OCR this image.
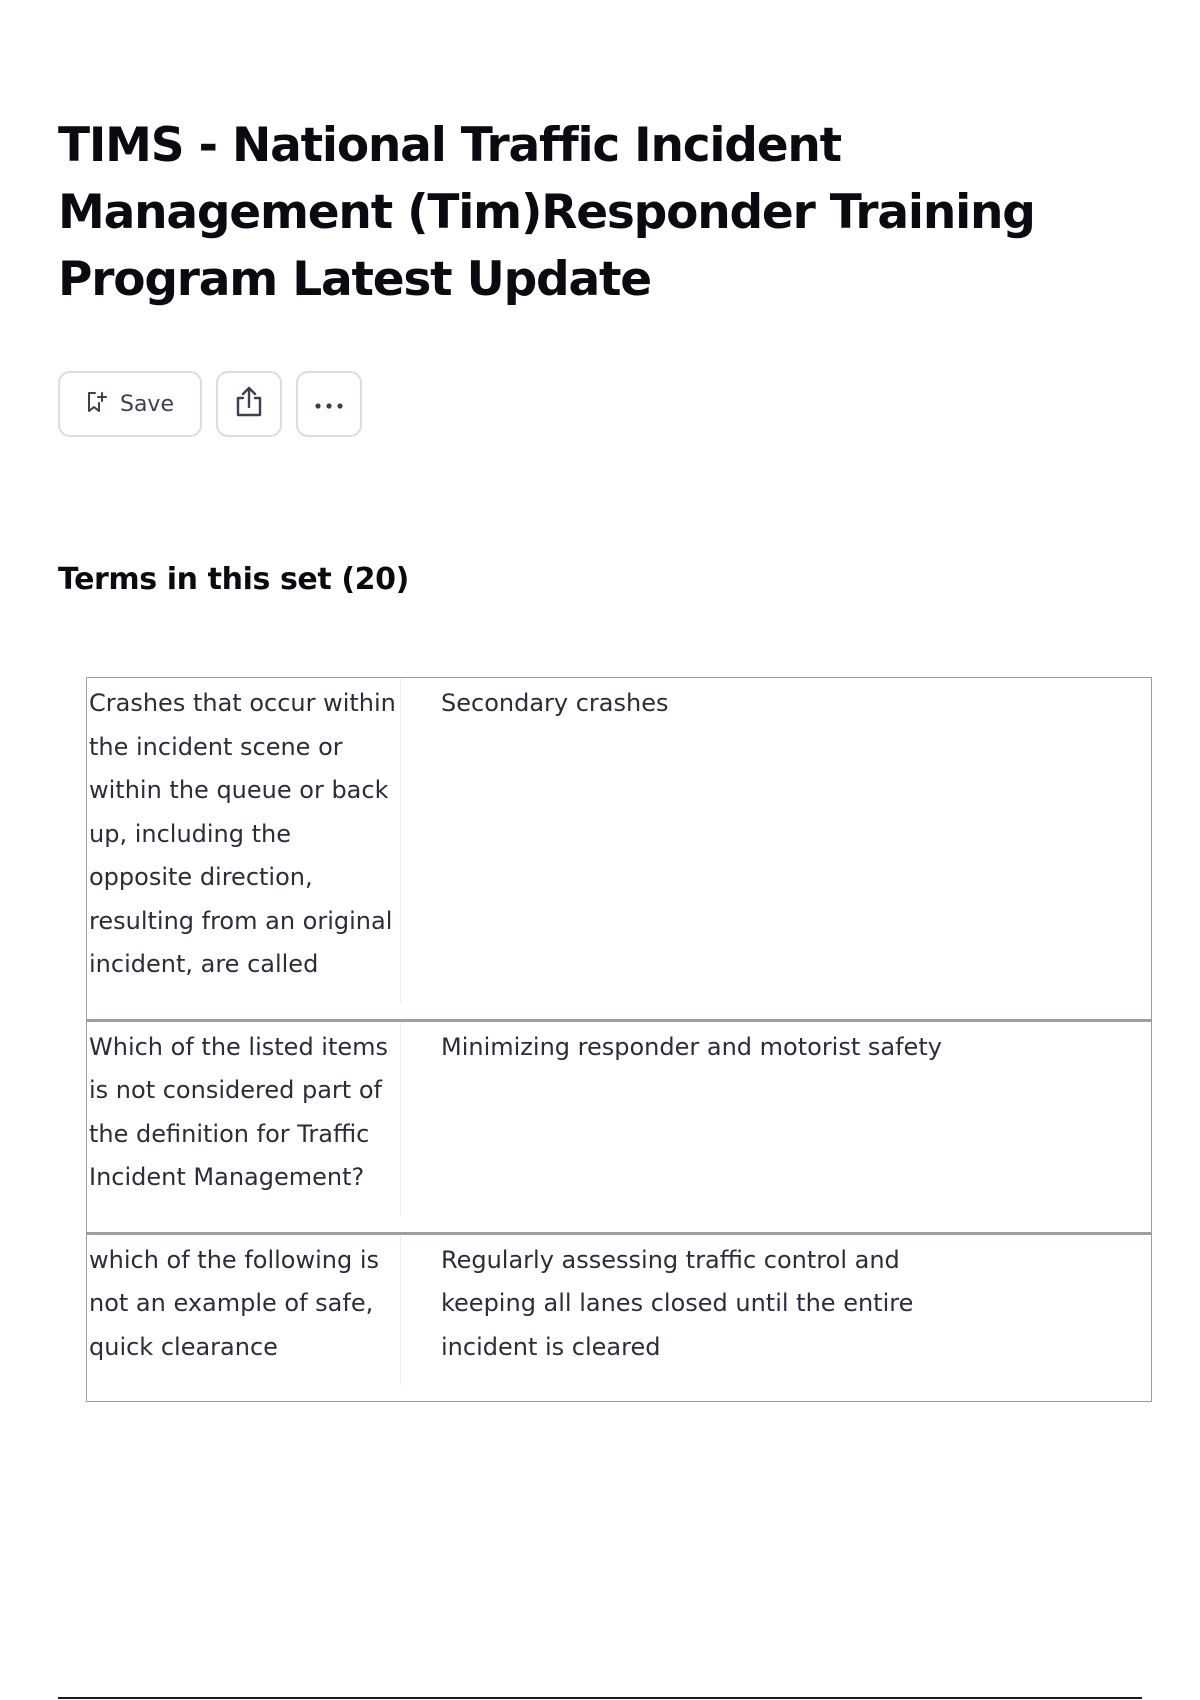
TIMS - National Traffic Incident Management (Tim)Responder Training Program Latest Update
Save
Terms in this set (20)
Crashes that occur within the incident scene or within the queue or back up, including the opposite direction, resulting from an original incident, are called
Secondary crashes
Which of the listed items is not considered part of the definition for Traffic Incident Management?
Minimizing responder and motorist safety
which of the following is not an example of safe, quick clearance
Regularly assessing traffic control and keeping all lanes closed until the entire incident is cleared
